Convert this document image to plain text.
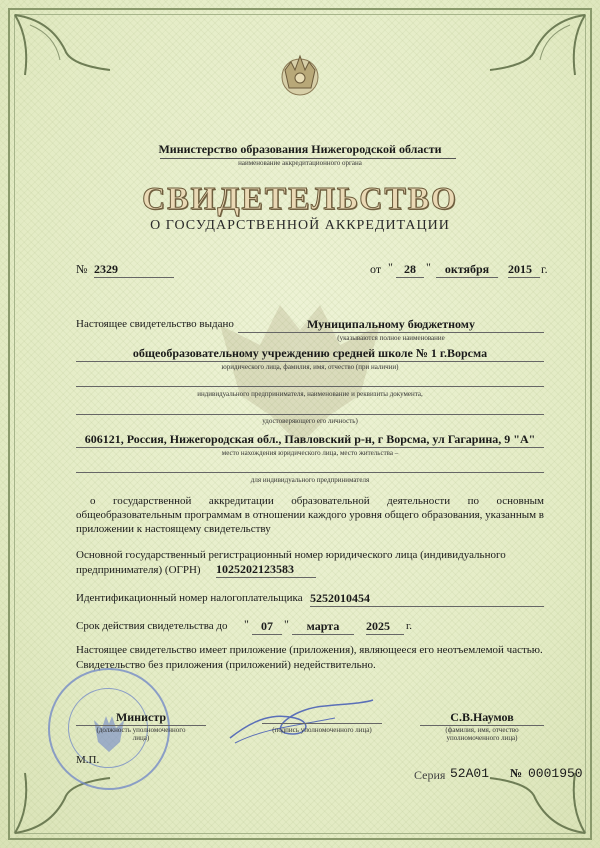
Министерство образования Нижегородской области
наименование аккредитационного органа
СВИДЕТЕЛЬСТВО
О ГОСУДАРСТВЕННОЙ АККРЕДИТАЦИИ
№ 2329	от " 28 "	октября	2015 г.
Настоящее свидетельство выдано	Муниципальному бюджетному
(указываются полное наименование
общеобразовательному учреждению средней школе № 1 г.Ворсма
юридического лица, фамилия, имя, отчество (при наличии)
индивидуального предпринимателя, наименование и реквизиты документа,
удостоверяющего его личность)
606121, Россия, Нижегородская обл., Павловский р-н, г Ворсма, ул Гагарина, 9 "А"
место нахождения юридического лица, место жительства –
для индивидуального предпринимателя
о государственной аккредитации образовательной деятельности по основным общеобразовательным программам в отношении каждого уровня общего образования, указанным в приложении к настоящему свидетельству
Основной государственный регистрационный номер юридического лица (индивидуального предпринимателя) (ОГРН)	1025202123583
Идентификационный номер налогоплательщика 5252010454
Срок действия свидетельства до "	07 "	марта	2025	г.
Настоящее свидетельство имеет приложение (приложения), являющееся его неотъемлемой частью. Свидетельство без приложения (приложений) недействительно.
Министр
(должность уполномоченного лица)
(подпись уполномоченного лица)
С.В.Наумов
(фамилия, имя, отчество уполномоченного лица)
М.П.
Серия 52А01 № 0001950
